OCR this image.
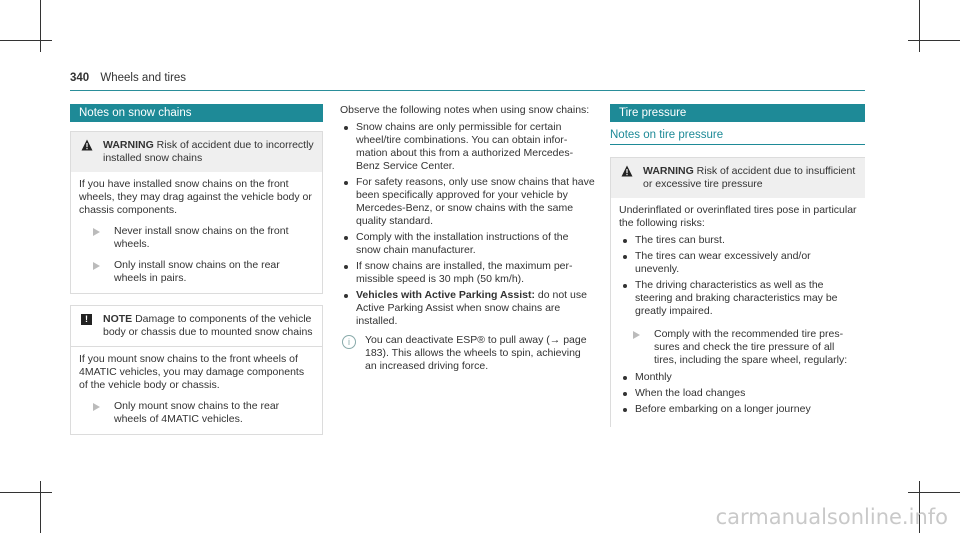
340 Wheels and tires
Notes on snow chains
WARNING Risk of accident due to incorrectly installed snow chains

If you have installed snow chains on the front wheels, they may drag against the vehicle body or chassis components.

Never install snow chains on the front wheels.
Only install snow chains on the rear wheels in pairs.
!	NOTE Damage to components of the vehicle body or chassis due to mounted snow chains

If you mount snow chains to the front wheels of 4MATIC vehicles, you may damage components of the vehicle body or chassis.

Only mount snow chains to the rear wheels of 4MATIC vehicles.

Observe the following notes when using snow chains:

Snow chains are only permissible for certain wheel/tire combinations. You can obtain information about this from a authorized Mercedes-Benz Service Center.
For safety reasons, only use snow chains that have been specifically approved for your vehicle by Mercedes-Benz, or snow chains with the same quality standard.
Comply with the installation instructions of the snow chain manufacturer.
If snow chains are installed, the maximum permissible speed is 30 mph (50 km/h).
Vehicles with Active Parking Assist: do not use Active Parking Assist when snow chains are installed.
i	You can deactivate ESP® to pull away (→ page 183). This allows the wheels to spin, achieving an increased driving force.
Tire pressure
Notes on tire pressure
WARNING Risk of accident due to insufficient or excessive tire pressure

Underinflated or overinflated tires pose in particular the following risks:

The tires can burst.
The tires can wear excessively and/or unevenly.
The driving characteristics as well as the steering and braking characteristics may be greatly impaired.
Comply with the recommended tire pressures and check the tire pressure of all tires, including the spare wheel, regularly:
Monthly
When the load changes
Before embarking on a longer journey
carmanualsonline.info
